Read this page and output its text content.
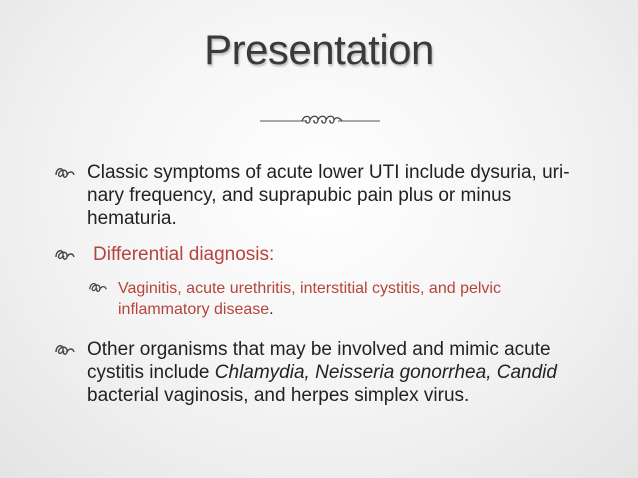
Presentation
Classic symptoms of acute lower UTI include dysuria, uri-
nary frequency, and suprapubic pain plus or minus
hematuria.
Differential diagnosis:
Vaginitis, acute urethritis, interstitial cystitis, and pelvic
inflammatory disease.
Other organisms that may be involved and mimic acute
cystitis include Chlamydia, Neisseria gonorrhea, Candid
bacterial vaginosis, and herpes simplex virus.
